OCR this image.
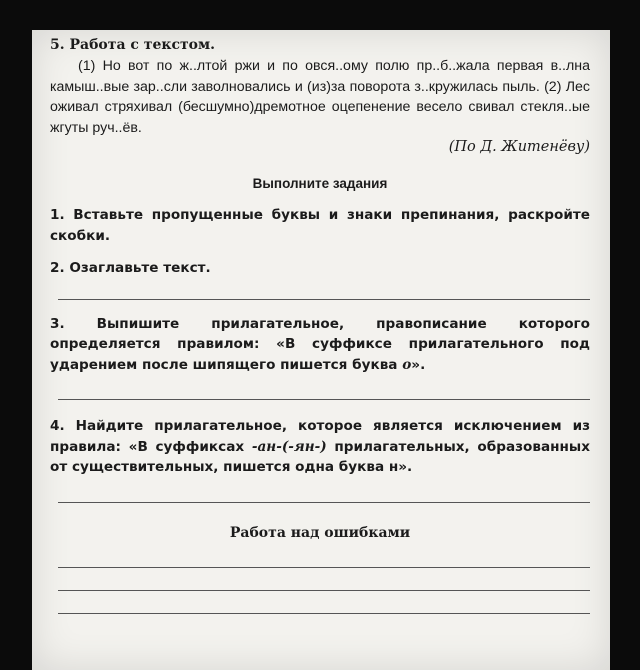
5. Работа с текстом.

(1) Но вот по ж..лтой ржи и по овся..ому полю пр..б..жала первая в..лна камыш..вые зар..сли заволновались и (из)за поворота з..кружилась пыль. (2) Лес оживал стряхивал (бесшумно)дремотное оцепенение весело свивал стекля..ые жгуты руч..ёв.

(По Д. Житенёву)

Выполните задания

1. Вставьте пропущенные буквы и знаки препинания, раскройте скобки.

2. Озаглавьте текст.

3. Выпишите прилагательное, правописание которого определяется правилом: «В суффиксе прилагательного под ударением после шипящего пишется буква о».

4. Найдите прилагательное, которое является исключением из правила: «В суффиксах -ан-(-ян-) прилагательных, образованных от существительных, пишется одна буква н».

Работа над ошибками
